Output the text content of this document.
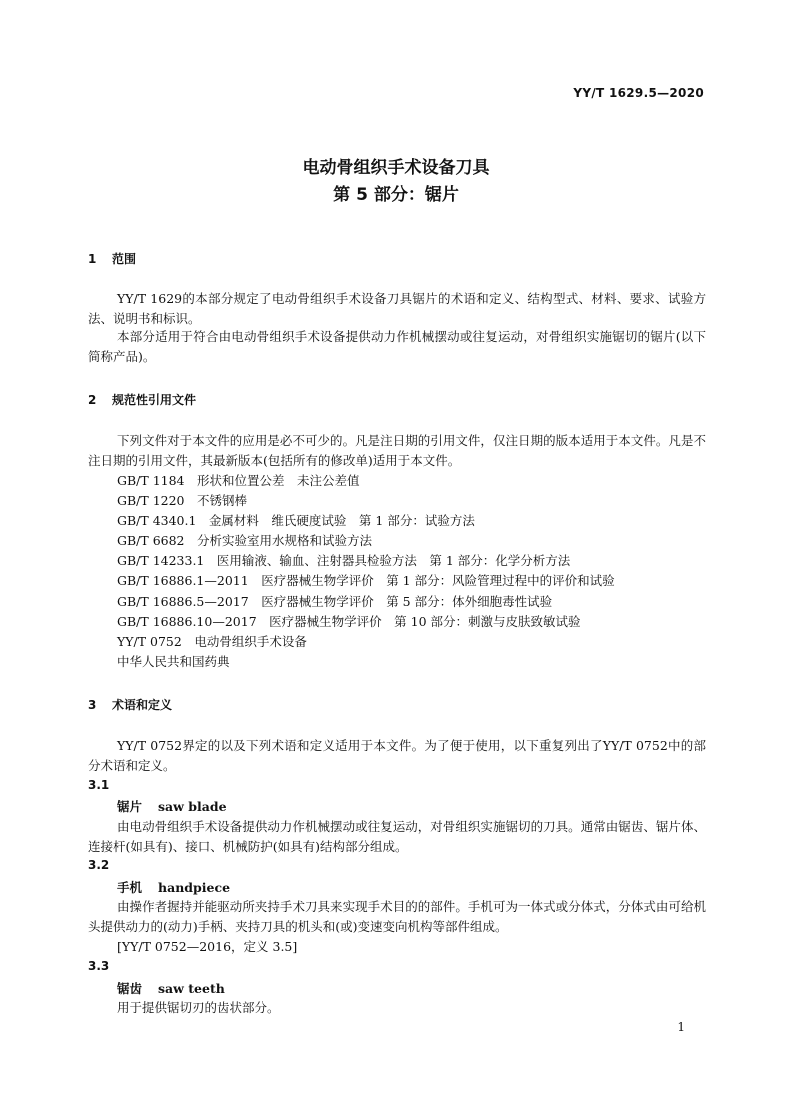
YY/T 1629.5—2020
电动骨组织手术设备刀具
第 5 部分：锯片
1 范围

YY/T 1629的本部分规定了电动骨组织手术设备刀具锯片的术语和定义、结构型式、材料、要求、试验方法、说明书和标识。

本部分适用于符合由电动骨组织手术设备提供动力作机械摆动或往复运动，对骨组织实施锯切的锯片(以下简称产品)。

2 规范性引用文件

下列文件对于本文件的应用是必不可少的。凡是注日期的引用文件，仅注日期的版本适用于本文件。凡是不注日期的引用文件，其最新版本(包括所有的修改单)适用于本文件。

GB/T 1184　形状和位置公差　未注公差值
GB/T 1220　不锈钢棒
GB/T 4340.1　金属材料　维氏硬度试验　第 1 部分：试验方法
GB/T 6682　分析实验室用水规格和试验方法
GB/T 14233.1　医用输液、输血、注射器具检验方法　第 1 部分：化学分析方法
GB/T 16886.1—2011　医疗器械生物学评价　第 1 部分：风险管理过程中的评价和试验
GB/T 16886.5—2017　医疗器械生物学评价　第 5 部分：体外细胞毒性试验
GB/T 16886.10—2017　医疗器械生物学评价　第 10 部分：刺激与皮肤致敏试验
YY/T 0752　电动骨组织手术设备
中华人民共和国药典
3 术语和定义

YY/T 0752界定的以及下列术语和定义适用于本文件。为了便于使用，以下重复列出了YY/T 0752中的部分术语和定义。

3.1
锯片 saw blade

由电动骨组织手术设备提供动力作机械摆动或往复运动，对骨组织实施锯切的刀具。通常由锯齿、锯片体、连接杆(如具有)、接口、机械防护(如具有)结构部分组成。

3.2
手机 handpiece

由操作者握持并能驱动所夹持手术刀具来实现手术目的的部件。手机可为一体式或分体式，分体式由可给机头提供动力的(动力)手柄、夹持刀具的机头和(或)变速变向机构等部件组成。

[YY/T 0752—2016，定义 3.5]
3.3
锯齿 saw teeth

用于提供锯切刃的齿状部分。

1
